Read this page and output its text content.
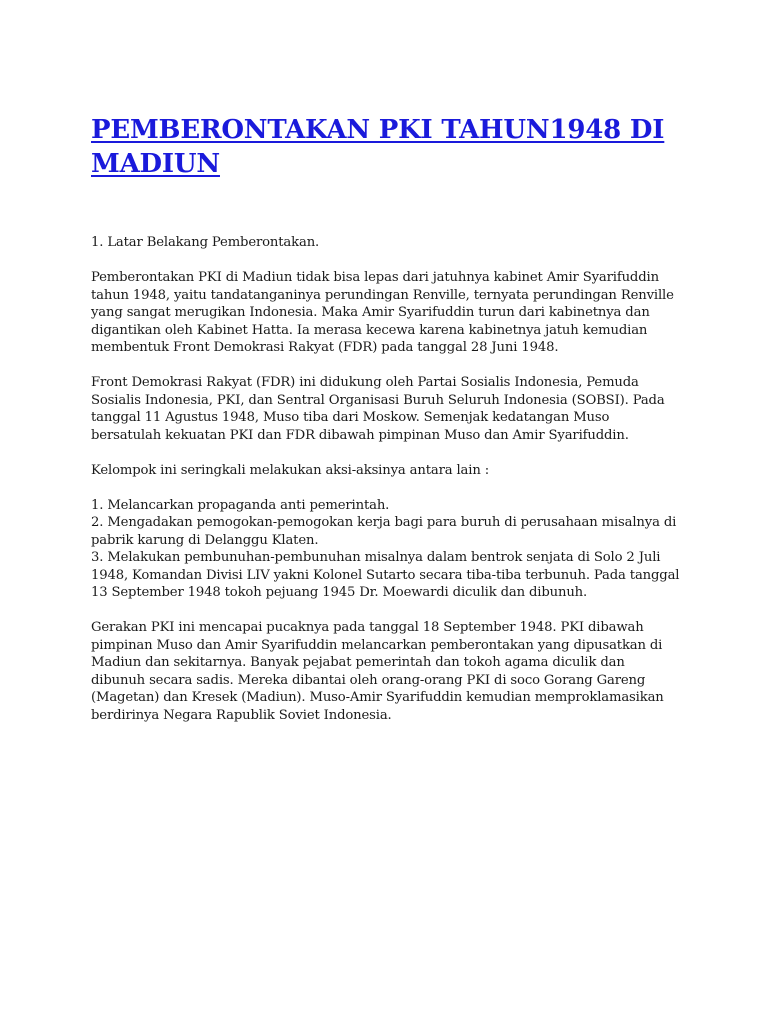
PEMBERONTAKAN PKI TAHUN1948 DI MADIUN

1. Latar Belakang Pemberontakan.

Pemberontakan PKI di Madiun tidak bisa lepas dari jatuhnya kabinet Amir Syarifuddin tahun 1948, yaitu tandatanganinya perundingan Renville, ternyata perundingan Renville yang sangat merugikan Indonesia. Maka Amir Syarifuddin turun dari kabinetnya dan digantikan oleh Kabinet Hatta. Ia merasa kecewa karena kabinetnya jatuh kemudian membentuk Front Demokrasi Rakyat (FDR) pada tanggal 28 Juni 1948.

Front Demokrasi Rakyat (FDR) ini didukung oleh Partai Sosialis Indonesia, Pemuda Sosialis Indonesia, PKI, dan Sentral Organisasi Buruh Seluruh Indonesia (SOBSI). Pada tanggal 11 Agustus 1948, Muso tiba dari Moskow. Semenjak kedatangan Muso bersatulah kekuatan PKI dan FDR dibawah pimpinan Muso dan Amir Syarifuddin.

Kelompok ini seringkali melakukan aksi-aksinya antara lain :

1. Melancarkan propaganda anti pemerintah.

2. Mengadakan pemogokan-pemogokan kerja bagi para buruh di perusahaan misalnya di pabrik karung di Delanggu Klaten.

3. Melakukan pembunuhan-pembunuhan misalnya dalam bentrok senjata di Solo 2 Juli 1948, Komandan Divisi LIV yakni Kolonel Sutarto secara tiba-tiba terbunuh. Pada tanggal 13 September 1948 tokoh pejuang 1945 Dr. Moewardi diculik dan dibunuh.

Gerakan PKI ini mencapai pucaknya pada tanggal 18 September 1948. PKI dibawah pimpinan Muso dan Amir Syarifuddin melancarkan pemberontakan yang dipusatkan di Madiun dan sekitarnya. Banyak pejabat pemerintah dan tokoh agama diculik dan dibunuh secara sadis. Mereka dibantai oleh orang-orang PKI di soco Gorang Gareng (Magetan) dan Kresek (Madiun). Muso-Amir Syarifuddin kemudian memproklamasikan berdirinya Negara Rapublik Soviet Indonesia.
